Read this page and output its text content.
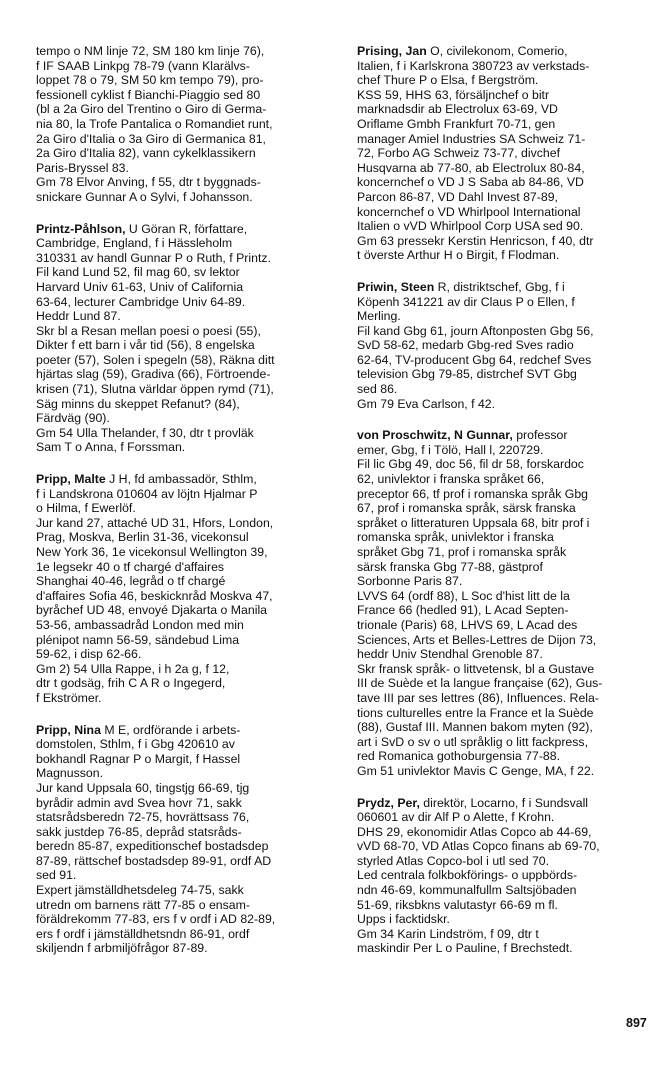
tempo o NM linje 72, SM 180 km linje 76),

f IF SAAB Linkpg 78-79 (vann Klarälvs-

loppet 78 o 79, SM 50 km tempo 79), pro-

fessionell cyklist f Bianchi-Piaggio sed 80

(bl a 2a Giro del Trentino o Giro di Germa-

nia 80, la Trofe Pantalica o Romandiet runt,

2a Giro d'Italia o 3a Giro di Germanica 81,

2a Giro d'Italia 82), vann cykelklassikern

Paris-Bryssel 83.

Gm 78 Elvor Anving, f 55, dtr t byggnads-

snickare Gunnar A o Sylvi, f Johansson.

Printz-Påhlson, U Göran R, författare,

Cambridge, England, f i Hässleholm

310331 av handl Gunnar P o Ruth, f Printz.

Fil kand Lund 52, fil mag 60, sv lektor

Harvard Univ 61-63, Univ of California

63-64, lecturer Cambridge Univ 64-89.

Heddr Lund 87.

Skr bl a Resan mellan poesi o poesi (55),

Dikter f ett barn i vår tid (56), 8 engelska

poeter (57), Solen i spegeln (58), Räkna ditt

hjärtas slag (59), Gradiva (66), Förtroende-

krisen (71), Slutna världar öppen rymd (71),

Säg minns du skeppet Refanut? (84),

Färdväg (90).

Gm 54 Ulla Thelander, f 30, dtr t provläk

Sam T o Anna, f Forssman.

Pripp, Malte J H, fd ambassadör, Sthlm,

f i Landskrona 010604 av löjtn Hjalmar P

o Hilma, f Ewerlöf.

Jur kand 27, attaché UD 31, Hfors, London,

Prag, Moskva, Berlin 31-36, vicekonsul

New York 36, 1e vicekonsul Wellington 39,

1e legsekr 40 o tf chargé d'affaires

Shanghai 40-46, legråd o tf chargé

d'affaires Sofia 46, beskicknråd Moskva 47,

byråchef UD 48, envoyé Djakarta o Manila

53-56, ambassadråd London med min

plénipot namn 56-59, sändebud Lima

59-62, i disp 62-66.

Gm 2) 54 Ulla Rappe, i h 2a g, f 12,

dtr t godsäg, frih C A R o Ingegerd,

f Ekströmer.

Pripp, Nina M E, ordförande i arbets-

domstolen, Sthlm, f i Gbg 420610 av

bokhandl Ragnar P o Margit, f Hassel

Magnusson.

Jur kand Uppsala 60, tingstjg 66-69, tjg

byrådir admin avd Svea hovr 71, sakk

statsrådsberedn 72-75, hovrättsass 76,

sakk justdep 76-85, depråd statsråds-

beredn 85-87, expeditionschef bostadsdep

87-89, rättschef bostadsdep 89-91, ordf AD

sed 91.

Expert jämställdhetsdeleg 74-75, sakk

utredn om barnens rätt 77-85 o ensam-

föräldrekomm 77-83, ers f v ordf i AD 82-89,

ers f ordf i jämställdhetsndn 86-91, ordf

skiljendn f arbmiljöfrågor 87-89.

Prising, Jan O, civilekonom, Comerio,

Italien, f i Karlskrona 380723 av verkstads-

chef Thure P o Elsa, f Bergström.

KSS 59, HHS 63, försäljnchef o bitr

marknadsdir ab Electrolux 63-69, VD

Oriflame Gmbh Frankfurt 70-71, gen

manager Amiel Industries SA Schweiz 71-

72, Forbo AG Schweiz 73-77, divchef

Husqvarna ab 77-80, ab Electrolux 80-84,

koncernchef o VD J S Saba ab 84-86, VD

Parcon 86-87, VD Dahl Invest 87-89,

koncernchef o VD Whirlpool International

Italien o vVD Whirlpool Corp USA sed 90.

Gm 63 pressekr Kerstin Henricson, f 40, dtr

t överste Arthur H o Birgit, f Flodman.

Priwin, Steen R, distriktschef, Gbg, f i

Köpenh 341221 av dir Claus P o Ellen, f

Merling.

Fil kand Gbg 61, journ Aftonposten Gbg 56,

SvD 58-62, medarb Gbg-red Sves radio

62-64, TV-producent Gbg 64, redchef Sves

television Gbg 79-85, distrchef SVT Gbg

sed 86.

Gm 79 Eva Carlson, f 42.

von Proschwitz, N Gunnar, professor

emer, Gbg, f i Tölö, Hall l, 220729.

Fil lic Gbg 49, doc 56, fil dr 58, forskardoc

62, univlektor i franska språket 66,

preceptor 66, tf prof i romanska språk Gbg

67, prof i romanska språk, särsk franska

språket o litteraturen Uppsala 68, bitr prof i

romanska språk, univlektor i franska

språket Gbg 71, prof i romanska språk

särsk franska Gbg 77-88, gästprof

Sorbonne Paris 87.

LVVS 64 (ordf 88), L Soc d'hist litt de la

France 66 (hedled 91), L Acad Septen-

trionale (Paris) 68, LHVS 69, L Acad des

Sciences, Arts et Belles-Lettres de Dijon 73,

heddr Univ Stendhal Grenoble 87.

Skr fransk språk- o littvetensk, bl a Gustave

III de Suède et la langue française (62), Gus-

tave III par ses lettres (86), Influences. Rela-

tions culturelles entre la France et la Suède

(88), Gustaf III. Mannen bakom myten (92),

art i SvD o sv o utl språklig o litt fackpress,

red Romanica gothoburgensia 77-88.

Gm 51 univlektor Mavis C Genge, MA, f 22.

Prydz, Per, direktör, Locarno, f i Sundsvall

060601 av dir Alf P o Alette, f Krohn.

DHS 29, ekonomidir Atlas Copco ab 44-69,

vVD 68-70, VD Atlas Copco finans ab 69-70,

styrled Atlas Copco-bol i utl sed 70.

Led centrala folkbokförings- o uppbörds-

ndn 46-69, kommunalfullm Saltsjöbaden

51-69, riksbkns valutastyr 66-69 m fl.

Upps i facktidskr.

Gm 34 Karin Lindström, f 09, dtr t

maskindir Per L o Pauline, f Brechstedt.

897
